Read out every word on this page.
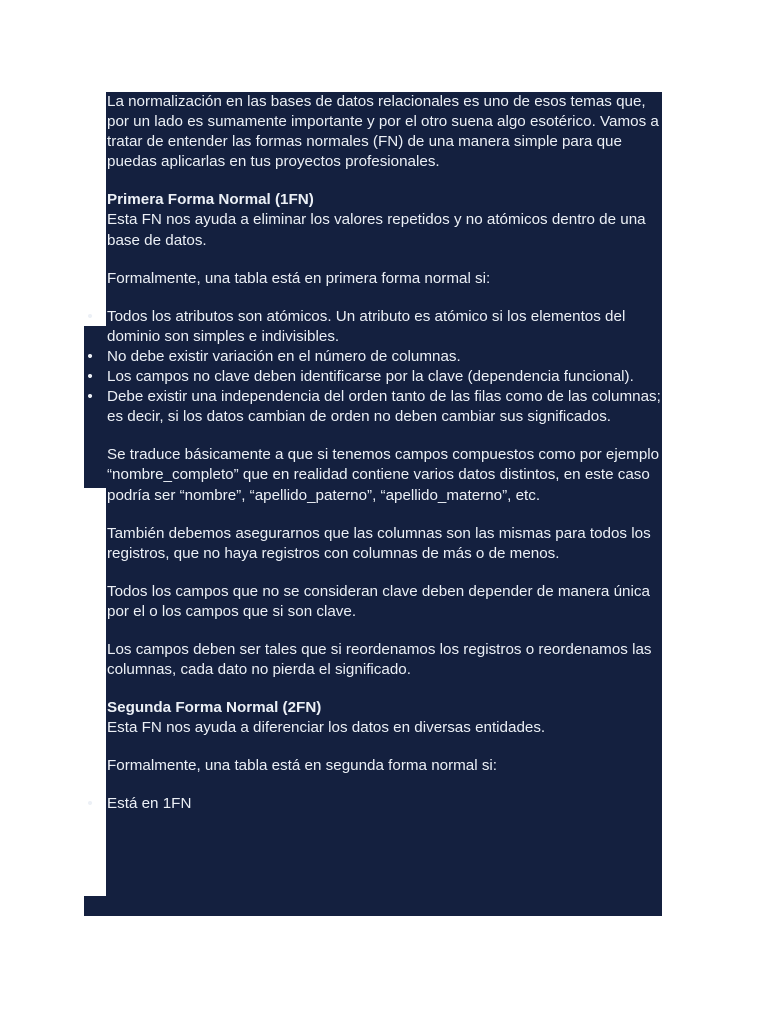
La normalización en las bases de datos relacionales es uno de esos temas que, por un lado es sumamente importante y por el otro suena algo esotérico. Vamos a tratar de entender las formas normales (FN) de una manera simple para que puedas aplicarlas en tus proyectos profesionales.

Primera Forma Normal (1FN)

Esta FN nos ayuda a eliminar los valores repetidos y no atómicos dentro de una base de datos.

Formalmente, una tabla está en primera forma normal si:

• Todos los atributos son atómicos. Un atributo es atómico si los elementos del dominio son simples e indivisibles.
• No debe existir variación en el número de columnas.
• Los campos no clave deben identificarse por la clave (dependencia funcional).
• Debe existir una independencia del orden tanto de las filas como de las columnas; es decir, si los datos cambian de orden no deben cambiar sus significados.

Se traduce básicamente a que si tenemos campos compuestos como por ejemplo “nombre_completo” que en realidad contiene varios datos distintos, en este caso podría ser “nombre”, “apellido_paterno”, “apellido_materno”, etc.

También debemos asegurarnos que las columnas son las mismas para todos los registros, que no haya registros con columnas de más o de menos.

Todos los campos que no se consideran clave deben depender de manera única por el o los campos que si son clave.

Los campos deben ser tales que si reordenamos los registros o reordenamos las columnas, cada dato no pierda el significado.

Segunda Forma Normal (2FN)

Esta FN nos ayuda a diferenciar los datos en diversas entidades.

Formalmente, una tabla está en segunda forma normal si:

• Está en 1FN
